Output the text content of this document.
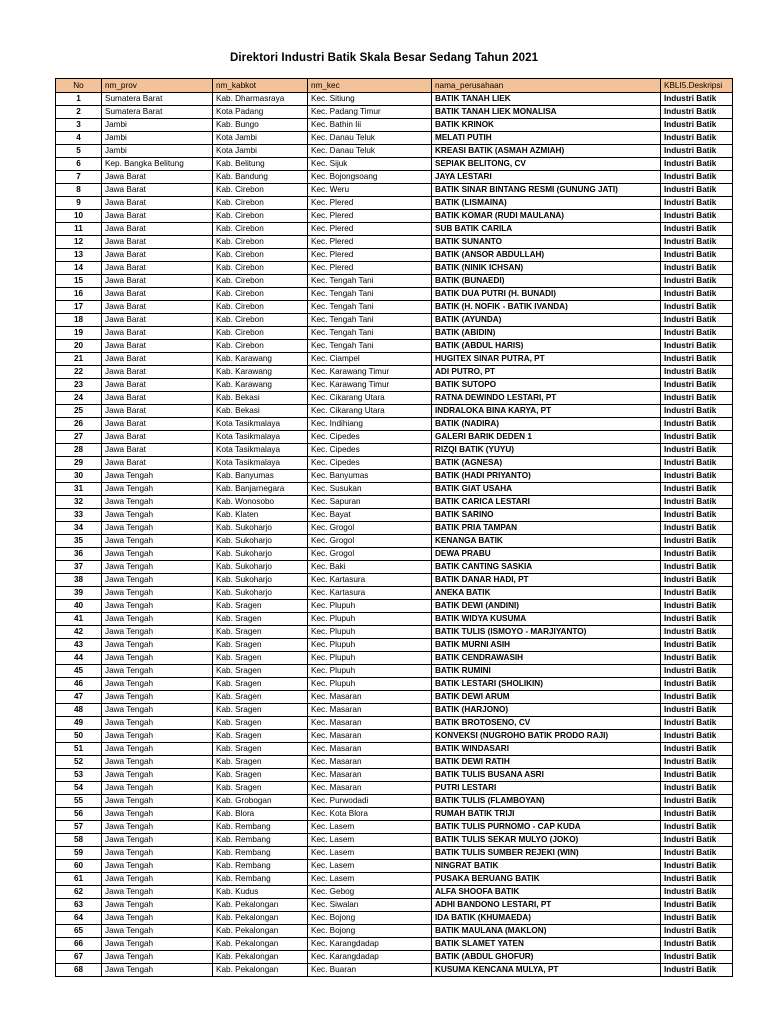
Direktori Industri Batik Skala Besar Sedang Tahun 2021
No	nm_prov	nm_kabkot	nm_kec	nama_perusahaan	KBLI5.Deskripsi
1	Sumatera Barat	Kab. Dharmasraya	Kec. Sitiung	BATIK TANAH LIEK	Industri Batik
2	Sumatera Barat	Kota Padang	Kec. Padang Timur	BATIK TANAH LIEK MONALISA	Industri Batik
3	Jambi	Kab. Bungo	Kec. Bathin Iii	BATIK KRINOK	Industri Batik
4	Jambi	Kota Jambi	Kec. Danau Teluk	MELATI PUTIH	Industri Batik
5	Jambi	Kota Jambi	Kec. Danau Teluk	KREASI BATIK (ASMAH AZMIAH)	Industri Batik
6	Kep. Bangka Belitung	Kab. Belitung	Kec. Sijuk	SEPIAK BELITONG, CV	Industri Batik
7	Jawa Barat	Kab. Bandung	Kec. Bojongsoang	JAYA LESTARI	Industri Batik
8	Jawa Barat	Kab. Cirebon	Kec. Weru	BATIK SINAR BINTANG RESMI (GUNUNG JATI)	Industri Batik
9	Jawa Barat	Kab. Cirebon	Kec. Plered	BATIK (LISMAINA)	Industri Batik
10	Jawa Barat	Kab. Cirebon	Kec. Plered	BATIK KOMAR (RUDI MAULANA)	Industri Batik
11	Jawa Barat	Kab. Cirebon	Kec. Plered	SUB BATIK CARILA	Industri Batik
12	Jawa Barat	Kab. Cirebon	Kec. Plered	BATIK SUNANTO	Industri Batik
13	Jawa Barat	Kab. Cirebon	Kec. Plered	BATIK (ANSOR ABDULLAH)	Industri Batik
14	Jawa Barat	Kab. Cirebon	Kec. Plered	BATIK (NINIK ICHSAN)	Industri Batik
15	Jawa Barat	Kab. Cirebon	Kec. Tengah Tani	BATIK (BUNAEDI)	Industri Batik
16	Jawa Barat	Kab. Cirebon	Kec. Tengah Tani	BATIK DUA PUTRI (H. BUNADI)	Industri Batik
17	Jawa Barat	Kab. Cirebon	Kec. Tengah Tani	BATIK (H. NOFIK - BATIK IVANDA)	Industri Batik
18	Jawa Barat	Kab. Cirebon	Kec. Tengah Tani	BATIK (AYUNDA)	Industri Batik
19	Jawa Barat	Kab. Cirebon	Kec. Tengah Tani	BATIK (ABIDIN)	Industri Batik
20	Jawa Barat	Kab. Cirebon	Kec. Tengah Tani	BATIK (ABDUL HARIS)	Industri Batik
21	Jawa Barat	Kab. Karawang	Kec. Ciampel	HUGITEX SINAR PUTRA, PT	Industri Batik
22	Jawa Barat	Kab. Karawang	Kec. Karawang Timur	ADI PUTRO, PT	Industri Batik
23	Jawa Barat	Kab. Karawang	Kec. Karawang Timur	BATIK SUTOPO	Industri Batik
24	Jawa Barat	Kab. Bekasi	Kec. Cikarang Utara	RATNA DEWINDO LESTARI, PT	Industri Batik
25	Jawa Barat	Kab. Bekasi	Kec. Cikarang Utara	INDRALOKA BINA KARYA, PT	Industri Batik
26	Jawa Barat	Kota Tasikmalaya	Kec. Indihiang	BATIK (NADIRA)	Industri Batik
27	Jawa Barat	Kota Tasikmalaya	Kec. Cipedes	GALERI BARIK DEDEN 1	Industri Batik
28	Jawa Barat	Kota Tasikmalaya	Kec. Cipedes	RIZQI BATIK (YUYU)	Industri Batik
29	Jawa Barat	Kota Tasikmalaya	Kec. Cipedes	BATIK (AGNESA)	Industri Batik
30	Jawa Tengah	Kab. Banyumas	Kec. Banyumas	BATIK (HADI PRIYANTO)	Industri Batik
31	Jawa Tengah	Kab. Banjarnegara	Kec. Susukan	BATIK GIAT USAHA	Industri Batik
32	Jawa Tengah	Kab. Wonosobo	Kec. Sapuran	BATIK CARICA LESTARI	Industri Batik
33	Jawa Tengah	Kab. Klaten	Kec. Bayat	BATIK SARINO	Industri Batik
34	Jawa Tengah	Kab. Sukoharjo	Kec. Grogol	BATIK PRIA TAMPAN	Industri Batik
35	Jawa Tengah	Kab. Sukoharjo	Kec. Grogol	KENANGA BATIK	Industri Batik
36	Jawa Tengah	Kab. Sukoharjo	Kec. Grogol	DEWA PRABU	Industri Batik
37	Jawa Tengah	Kab. Sukoharjo	Kec. Baki	BATIK CANTING SASKIA	Industri Batik
38	Jawa Tengah	Kab. Sukoharjo	Kec. Kartasura	BATIK DANAR HADI, PT	Industri Batik
39	Jawa Tengah	Kab. Sukoharjo	Kec. Kartasura	ANEKA BATIK	Industri Batik
40	Jawa Tengah	Kab. Sragen	Kec. Plupuh	BATIK DEWI (ANDINI)	Industri Batik
41	Jawa Tengah	Kab. Sragen	Kec. Plupuh	BATIK WIDYA KUSUMA	Industri Batik
42	Jawa Tengah	Kab. Sragen	Kec. Plupuh	BATIK TULIS (ISMOYO - MARJIYANTO)	Industri Batik
43	Jawa Tengah	Kab. Sragen	Kec. Plupuh	BATIK MURNI ASIH	Industri Batik
44	Jawa Tengah	Kab. Sragen	Kec. Plupuh	BATIK CENDRAWASIH	Industri Batik
45	Jawa Tengah	Kab. Sragen	Kec. Plupuh	BATIK RUMINI	Industri Batik
46	Jawa Tengah	Kab. Sragen	Kec. Plupuh	BATIK LESTARI (SHOLIKIN)	Industri Batik
47	Jawa Tengah	Kab. Sragen	Kec. Masaran	BATIK DEWI ARUM	Industri Batik
48	Jawa Tengah	Kab. Sragen	Kec. Masaran	BATIK (HARJONO)	Industri Batik
49	Jawa Tengah	Kab. Sragen	Kec. Masaran	BATIK BROTOSENO, CV	Industri Batik
50	Jawa Tengah	Kab. Sragen	Kec. Masaran	KONVEKSI (NUGROHO BATIK PRODO RAJI)	Industri Batik
51	Jawa Tengah	Kab. Sragen	Kec. Masaran	BATIK WINDASARI	Industri Batik
52	Jawa Tengah	Kab. Sragen	Kec. Masaran	BATIK DEWI RATIH	Industri Batik
53	Jawa Tengah	Kab. Sragen	Kec. Masaran	BATIK TULIS BUSANA ASRI	Industri Batik
54	Jawa Tengah	Kab. Sragen	Kec. Masaran	PUTRI LESTARI	Industri Batik
55	Jawa Tengah	Kab. Grobogan	Kec. Purwodadi	BATIK TULIS (FLAMBOYAN)	Industri Batik
56	Jawa Tengah	Kab. Blora	Kec. Kota Blora	RUMAH BATIK TRIJI	Industri Batik
57	Jawa Tengah	Kab. Rembang	Kec. Lasem	BATIK TULIS PURNOMO - CAP KUDA	Industri Batik
58	Jawa Tengah	Kab. Rembang	Kec. Lasem	BATIK TULIS SEKAR MULYO (JOKO)	Industri Batik
59	Jawa Tengah	Kab. Rembang	Kec. Lasem	BATIK TULIS SUMBER REJEKI (WIN)	Industri Batik
60	Jawa Tengah	Kab. Rembang	Kec. Lasem	NINGRAT BATIK	Industri Batik
61	Jawa Tengah	Kab. Rembang	Kec. Lasem	PUSAKA BERUANG BATIK	Industri Batik
62	Jawa Tengah	Kab. Kudus	Kec. Gebog	ALFA SHOOFA BATIK	Industri Batik
63	Jawa Tengah	Kab. Pekalongan	Kec. Siwalan	ADHI BANDONO LESTARI, PT	Industri Batik
64	Jawa Tengah	Kab. Pekalongan	Kec. Bojong	IDA BATIK (KHUMAEDA)	Industri Batik
65	Jawa Tengah	Kab. Pekalongan	Kec. Bojong	BATIK MAULANA (MAKLON)	Industri Batik
66	Jawa Tengah	Kab. Pekalongan	Kec. Karangdadap	BATIK SLAMET YATEN	Industri Batik
67	Jawa Tengah	Kab. Pekalongan	Kec. Karangdadap	BATIK (ABDUL GHOFUR)	Industri Batik
68	Jawa Tengah	Kab. Pekalongan	Kec. Buaran	KUSUMA KENCANA MULYA, PT	Industri Batik
